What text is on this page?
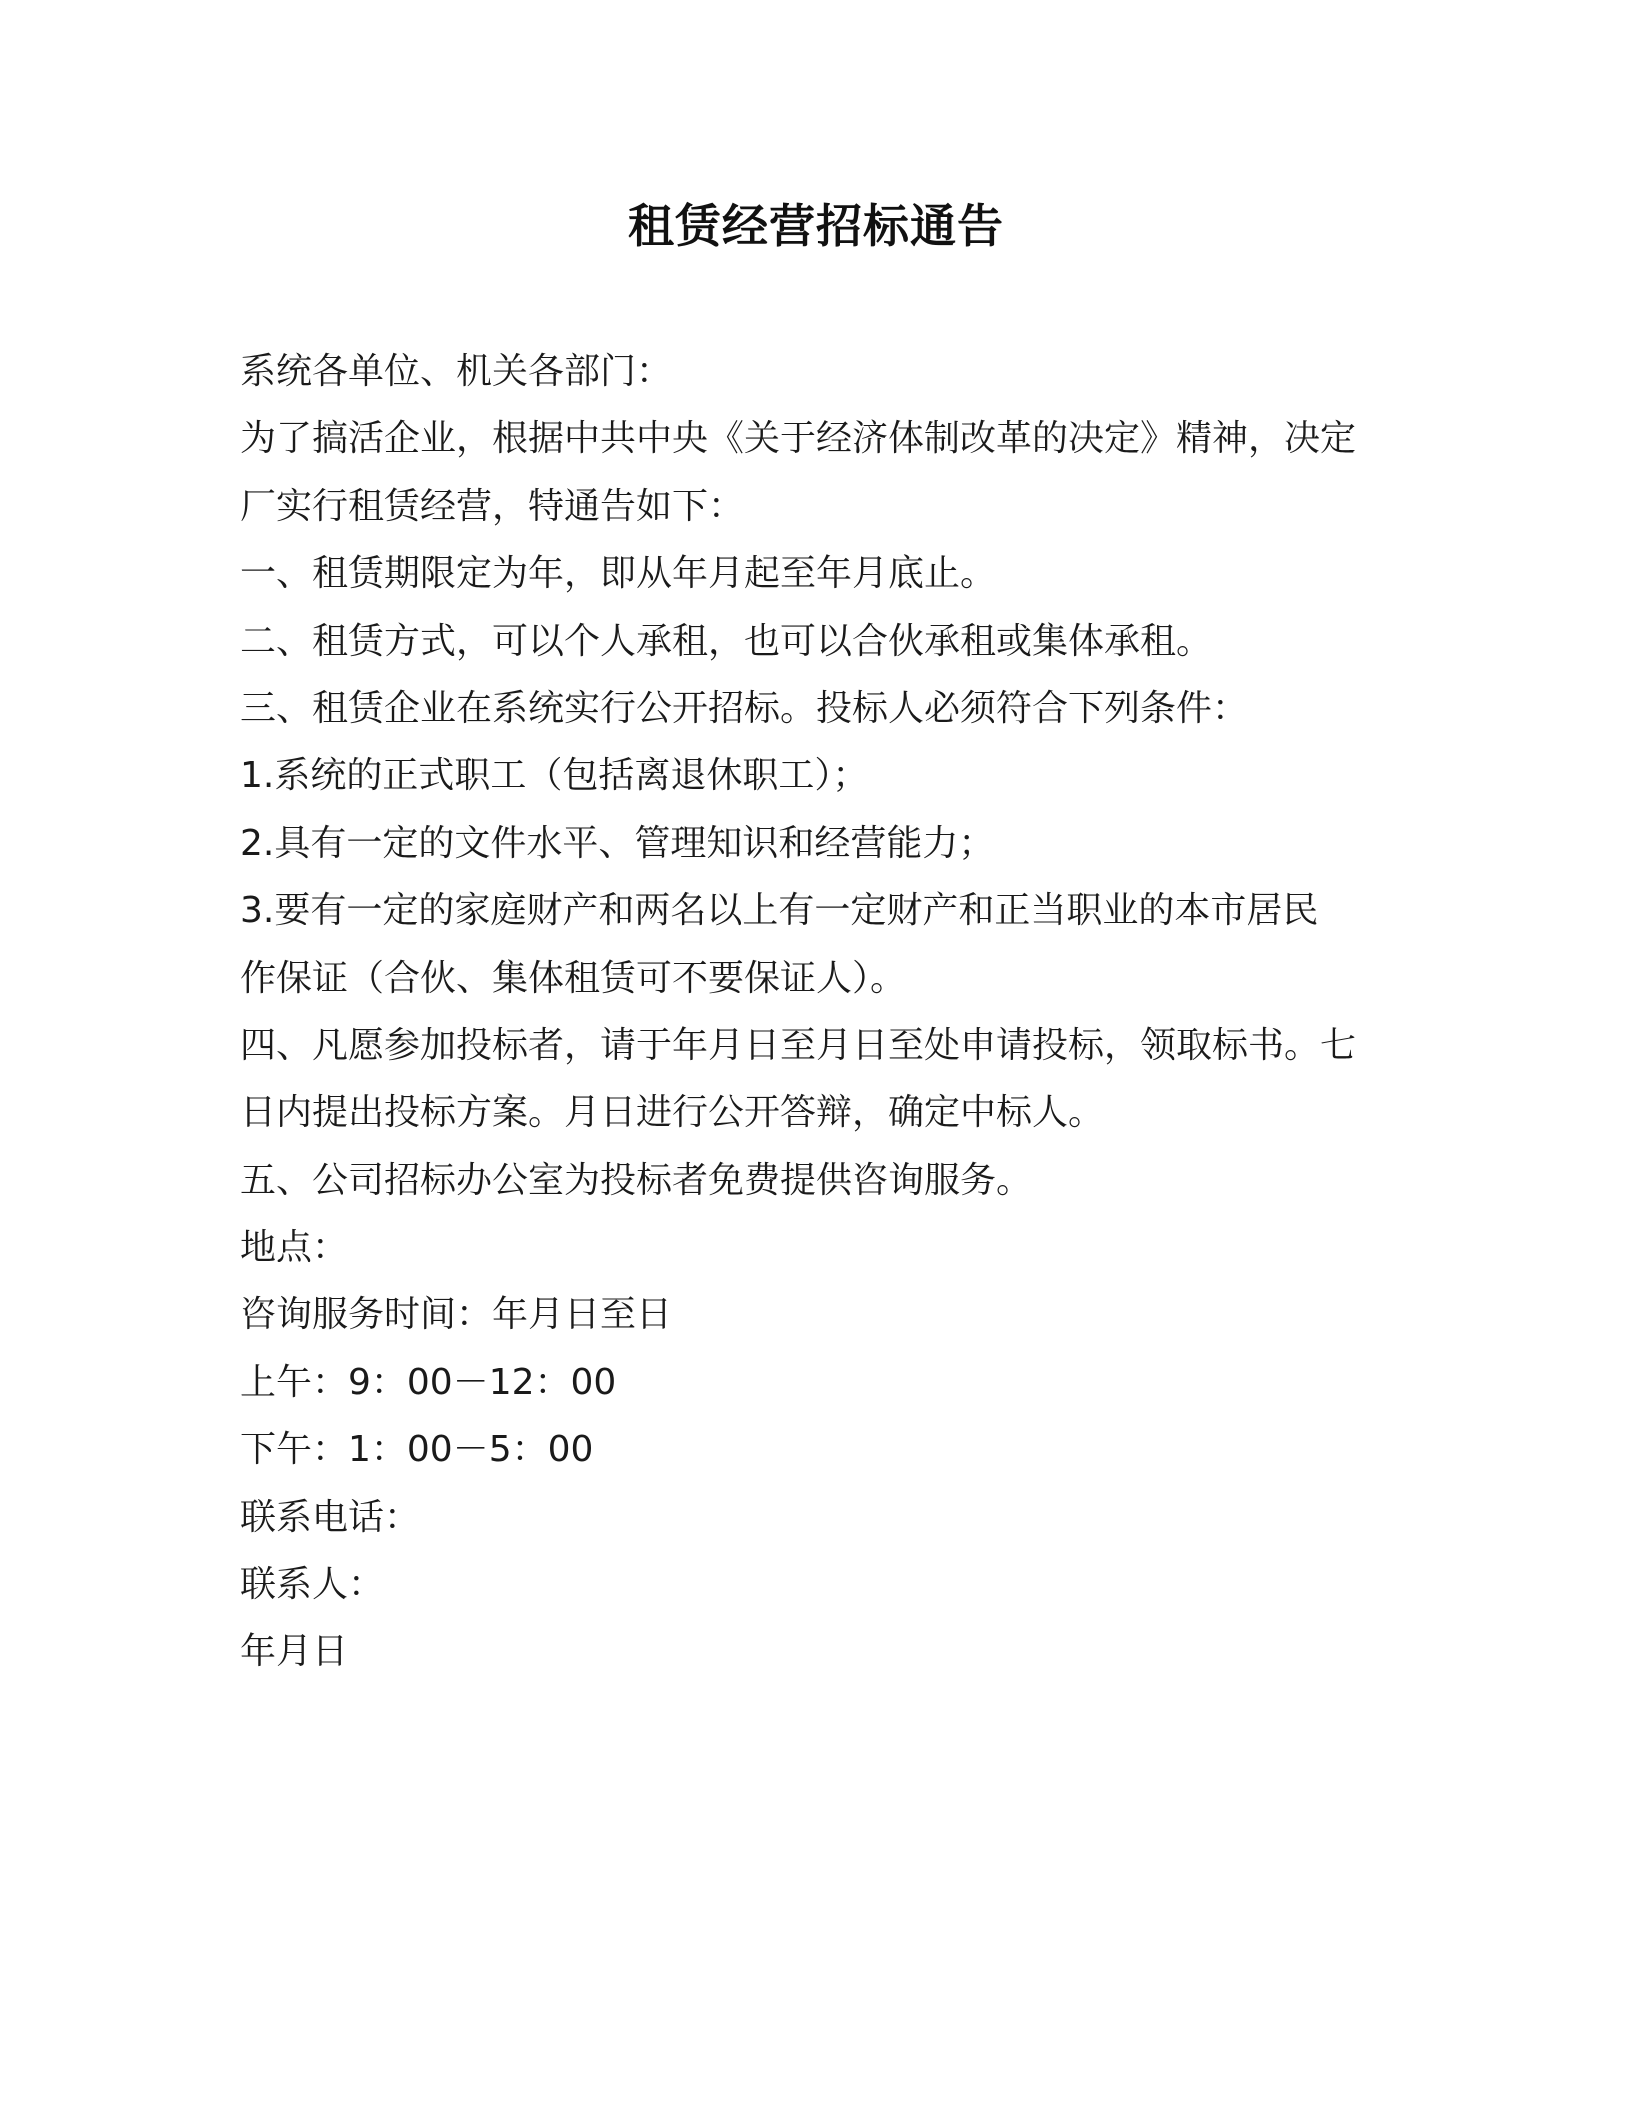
租赁经营招标通告
系统各单位、机关各部门：
为了搞活企业，根据中共中央《关于经济体制改革的决定》精神，决定
厂实行租赁经营，特通告如下：
一、租赁期限定为年，即从年月起至年月底止。
二、租赁方式，可以个人承租，也可以合伙承租或集体承租。
三、租赁企业在系统实行公开招标。投标人必须符合下列条件：
1.系统的正式职工（包括离退休职工）；
2.具有一定的文件水平、管理知识和经营能力；
3.要有一定的家庭财产和两名以上有一定财产和正当职业的本市居民
作保证（合伙、集体租赁可不要保证人）。
四、凡愿参加投标者，请于年月日至月日至处申请投标，领取标书。七
日内提出投标方案。月日进行公开答辩，确定中标人。
五、公司招标办公室为投标者免费提供咨询服务。
地点：
咨询服务时间：年月日至日
上午：9：00－12：00
下午：1：00－5：00
联系电话：
联系人：
年月日
